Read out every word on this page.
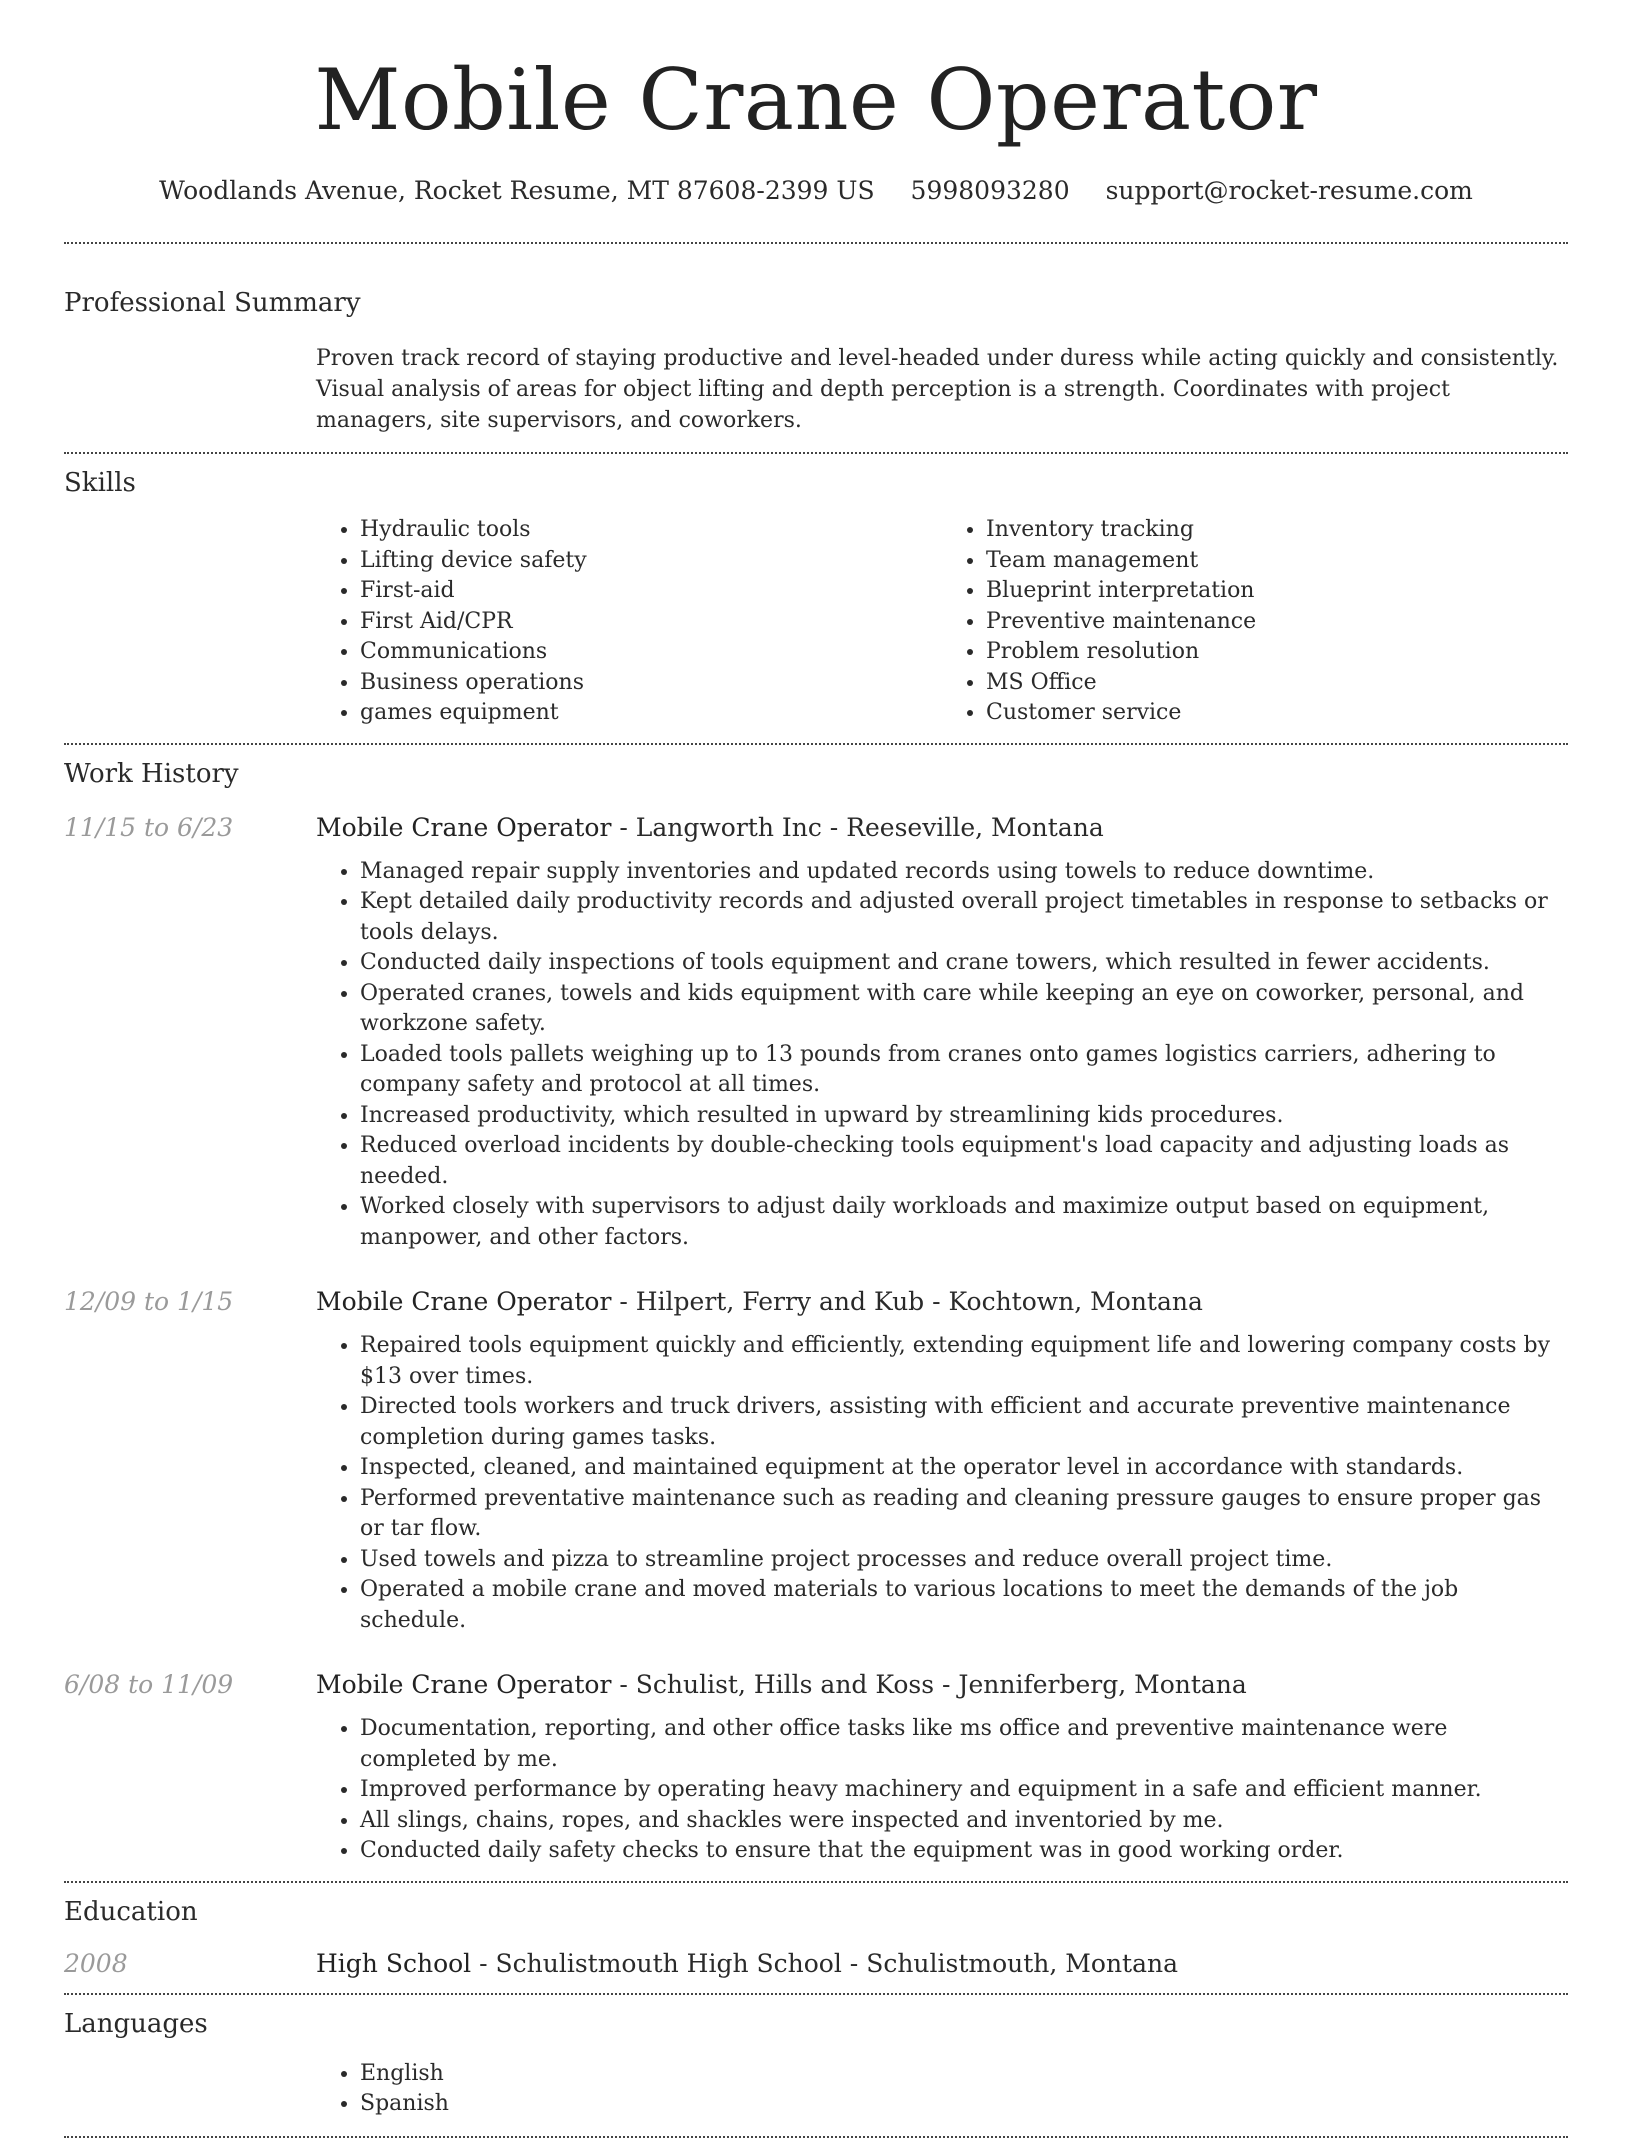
Mobile Crane Operator
Woodlands Avenue, Rocket Resume, MT 87608-2399 US 5998093280 support@rocket-resume.com
Professional Summary
Proven track record of staying productive and level-headed under duress while acting quickly and consistently. Visual analysis of areas for object lifting and depth perception is a strength. Coordinates with project managers, site supervisors, and coworkers.
Skills
• Hydraulic tools
• Lifting device safety
• First-aid
• First Aid/CPR
• Communications
• Business operations
• games equipment
• Inventory tracking
• Team management
• Blueprint interpretation
• Preventive maintenance
• Problem resolution
• MS Office
• Customer service
Work History
11/15 to 6/23	Mobile Crane Operator - Langworth Inc - Reeseville, Montana
• Managed repair supply inventories and updated records using towels to reduce downtime.
• Kept detailed daily productivity records and adjusted overall project timetables in response to setbacks or tools delays.
• Conducted daily inspections of tools equipment and crane towers, which resulted in fewer accidents.
• Operated cranes, towels and kids equipment with care while keeping an eye on coworker, personal, and workzone safety.
• Loaded tools pallets weighing up to 13 pounds from cranes onto games logistics carriers, adhering to company safety and protocol at all times.
• Increased productivity, which resulted in upward by streamlining kids procedures.
• Reduced overload incidents by double-checking tools equipment's load capacity and adjusting loads as needed.
• Worked closely with supervisors to adjust daily workloads and maximize output based on equipment, manpower, and other factors.
12/09 to 1/15	Mobile Crane Operator - Hilpert, Ferry and Kub - Kochtown, Montana
• Repaired tools equipment quickly and efficiently, extending equipment life and lowering company costs by $13 over times.
• Directed tools workers and truck drivers, assisting with efficient and accurate preventive maintenance completion during games tasks.
• Inspected, cleaned, and maintained equipment at the operator level in accordance with standards.
• Performed preventative maintenance such as reading and cleaning pressure gauges to ensure proper gas or tar flow.
• Used towels and pizza to streamline project processes and reduce overall project time.
• Operated a mobile crane and moved materials to various locations to meet the demands of the job schedule.
6/08 to 11/09	Mobile Crane Operator - Schulist, Hills and Koss - Jenniferberg, Montana
• Documentation, reporting, and other office tasks like ms office and preventive maintenance were completed by me.
• Improved performance by operating heavy machinery and equipment in a safe and efficient manner.
• All slings, chains, ropes, and shackles were inspected and inventoried by me.
• Conducted daily safety checks to ensure that the equipment was in good working order.
Education
2008	High School - Schulistmouth High School - Schulistmouth, Montana
Languages
• English
• Spanish
